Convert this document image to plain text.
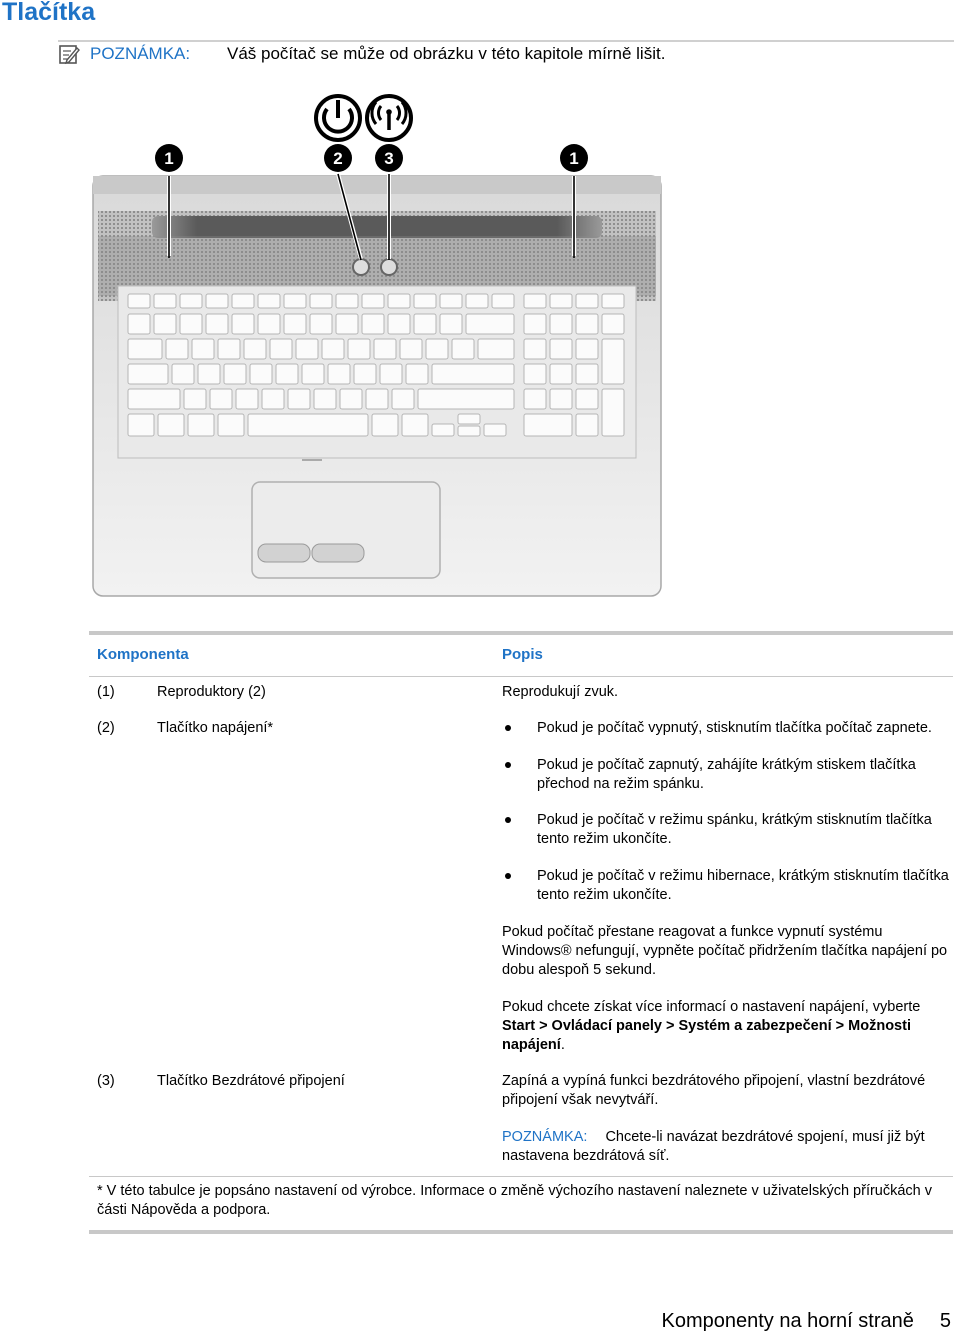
Tlačítka
POZNÁMKA:	Váš počítač se může od obrázku v této kapitole mírně lišit.
1	2 3	1
Komponenta	Popis
(1)	Reproduktory (2)	Reprodukují zvuk.
(2)	Tlačítko napájení*	Pokud je počítač vypnutý, stisknutím tlačítka počítač zapnete.
Pokud je počítač zapnutý, zahájíte krátkým stiskem tlačítka přechod na režim spánku.
Pokud je počítač v režimu spánku, krátkým stisknutím tlačítka tento režim ukončíte.
Pokud je počítač v režimu hibernace, krátkým stisknutím tlačítka tento režim ukončíte.
Pokud počítač přestane reagovat a funkce vypnutí systému Windows® nefungují, vypněte počítač přidržením tlačítka napájení po dobu alespoň 5 sekund.
Pokud chcete získat více informací o nastavení napájení, vyberte Start > Ovládací panely > Systém a zabezpečení > Možnosti napájení.
(3)	Tlačítko Bezdrátové připojení	Zapíná a vypíná funkci bezdrátového připojení, vlastní bezdrátové připojení však nevytváří.
POZNÁMKA: Chcete-li navázat bezdrátové spojení, musí již být nastavena bezdrátová síť.
* V této tabulce je popsáno nastavení od výrobce. Informace o změně výchozího nastavení naleznete v uživatelských příručkách v části Nápověda a podpora.
Komponenty na horní straně 5
